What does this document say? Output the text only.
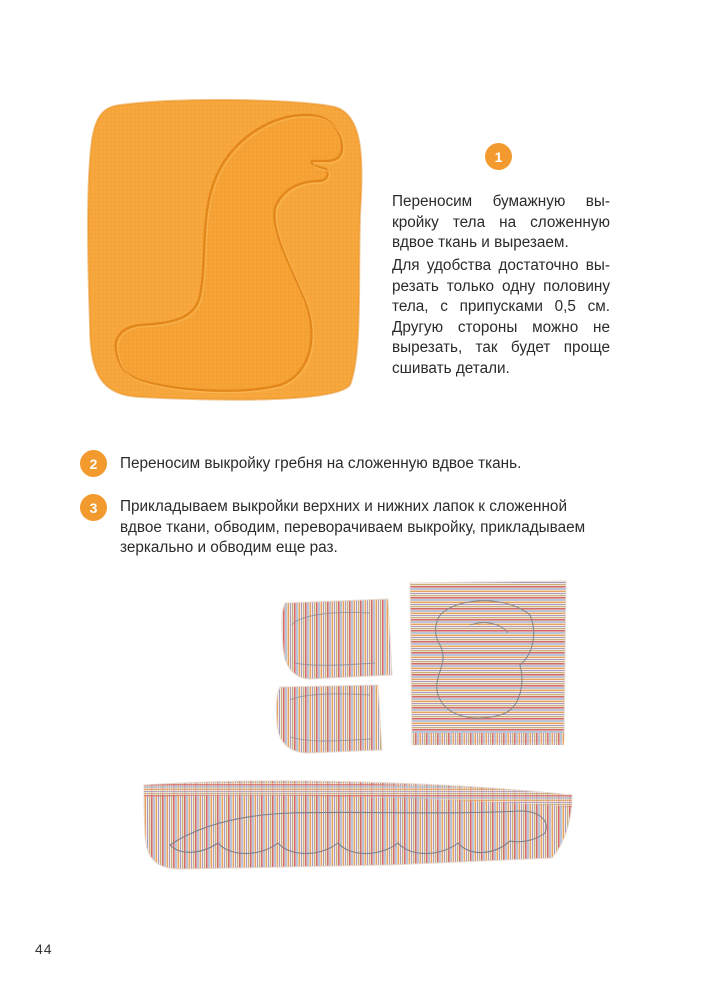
1
Переносим бумажную выкройку тела на сложенную вдвое ткань и вырезаем.
Для удобства достаточно вырезать только одну половину тела, с припусками 0,5 см. Другую стороны можно не вырезать, так будет проще сшивать детали.
2 Переносим выкройку гребня на сложенную вдвое ткань.
3 Прикладываем выкройки верхних и нижних лапок к сложенной вдвое ткани, обводим, переворачиваем выкройку, прикладываем зеркально и обводим еще раз.
44
